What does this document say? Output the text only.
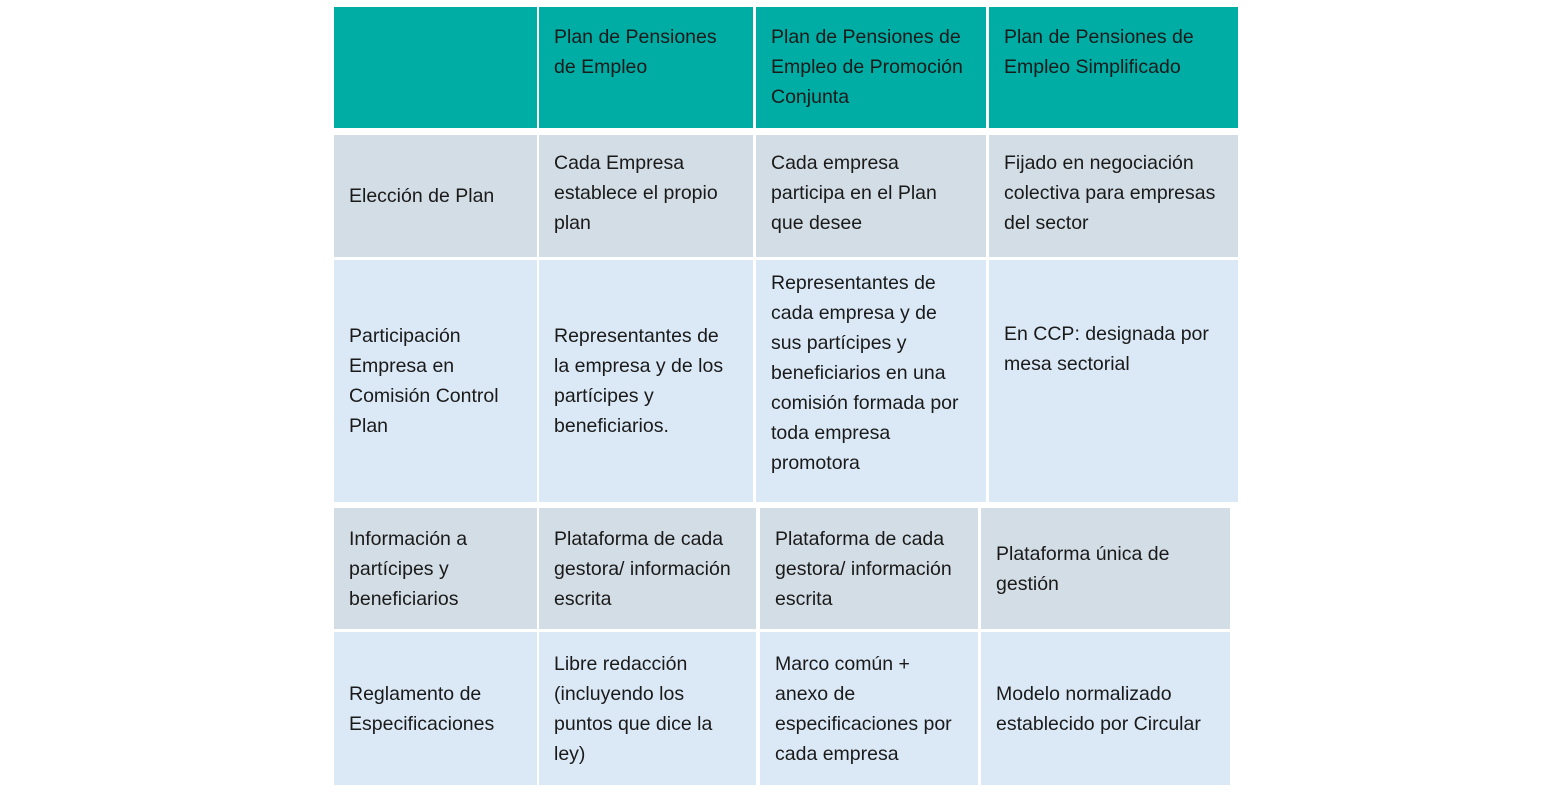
Plan de Pensiones de Empleo
Plan de Pensiones de Empleo de Promoción Conjunta
Plan de Pensiones de Empleo Simplificado
Elección de Plan
Cada Empresa establece el propio plan
Cada empresa participa en el Plan que desee
Fijado en negociación colectiva para empresas del sector
Participación Empresa en Comisión Control Plan
Representantes de la empresa y de los partícipes y beneficiarios.
Representantes de cada empresa y de sus partícipes y beneficiarios en una comisión formada por toda empresa promotora
En CCP: designada por mesa sectorial
Información a partícipes y beneficiarios
Plataforma de cada gestora/ información escrita
Plataforma de cada gestora/ información escrita
Plataforma única de gestión
Reglamento de Especificaciones
Libre redacción (incluyendo los puntos que dice la ley)
Marco común + anexo de especificaciones por cada empresa
Modelo normalizado establecido por Circular
